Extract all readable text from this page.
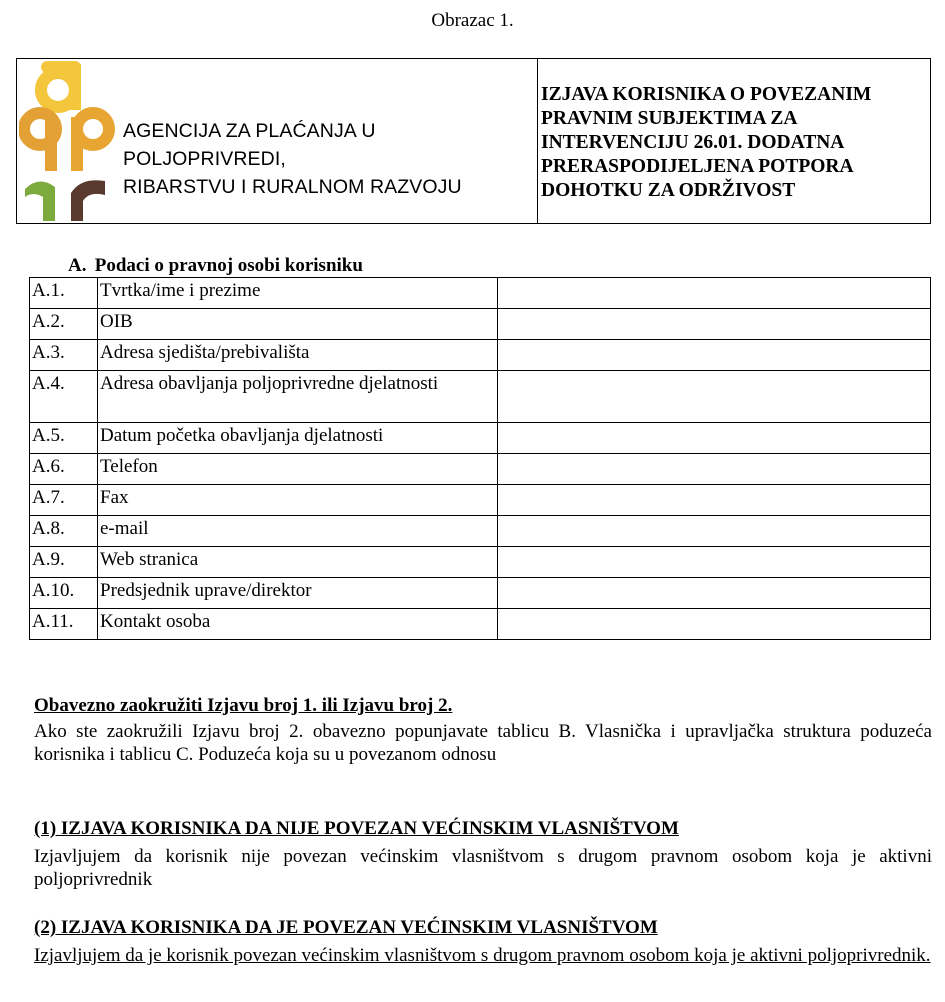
Obrazac 1.
AGENCIJA ZA PLAĆANJA U POLJOPRIVREDI,
RIBARSTVU I RURALNOM RAZVOJU
IZJAVA KORISNIKA O POVEZANIM
PRAVNIM SUBJEKTIMA ZA
INTERVENCIJU 26.01. DODATNA
PRERASPODIJELJENA POTPORA
DOHOTKU ZA ODRŽIVOST
A. Podaci o pravnoj osobi korisniku
A.1.	Tvrtka/ime i prezime	
A.2.	OIB	
A.3.	Adresa sjedišta/prebivališta	
A.4.	Adresa obavljanja poljoprivredne djelatnosti	
A.5.	Datum početka obavljanja djelatnosti	
A.6.	Telefon	
A.7.	Fax	
A.8.	e-mail	
A.9.	Web stranica	
A.10.	Predsjednik uprave/direktor	
A.11.	Kontakt osoba	
Obavezno zaokružiti Izjavu broj 1. ili Izjavu broj 2.

Ako ste zaokružili Izjavu broj 2. obavezno popunjavate tablicu B. Vlasnička i upravljačka struktura poduzeća korisnika i tablicu C. Poduzeća koja su u povezanom odnosu

(1) IZJAVA KORISNIKA DA NIJE POVEZAN VEĆINSKIM VLASNIŠTVOM

Izjavljujem da korisnik nije povezan većinskim vlasništvom s drugom pravnom osobom koja je aktivni poljoprivrednik

(2) IZJAVA KORISNIKA DA JE POVEZAN VEĆINSKIM VLASNIŠTVOM

Izjavljujem da je korisnik povezan većinskim vlasništvom s drugom pravnom osobom koja je aktivni poljoprivrednik.
